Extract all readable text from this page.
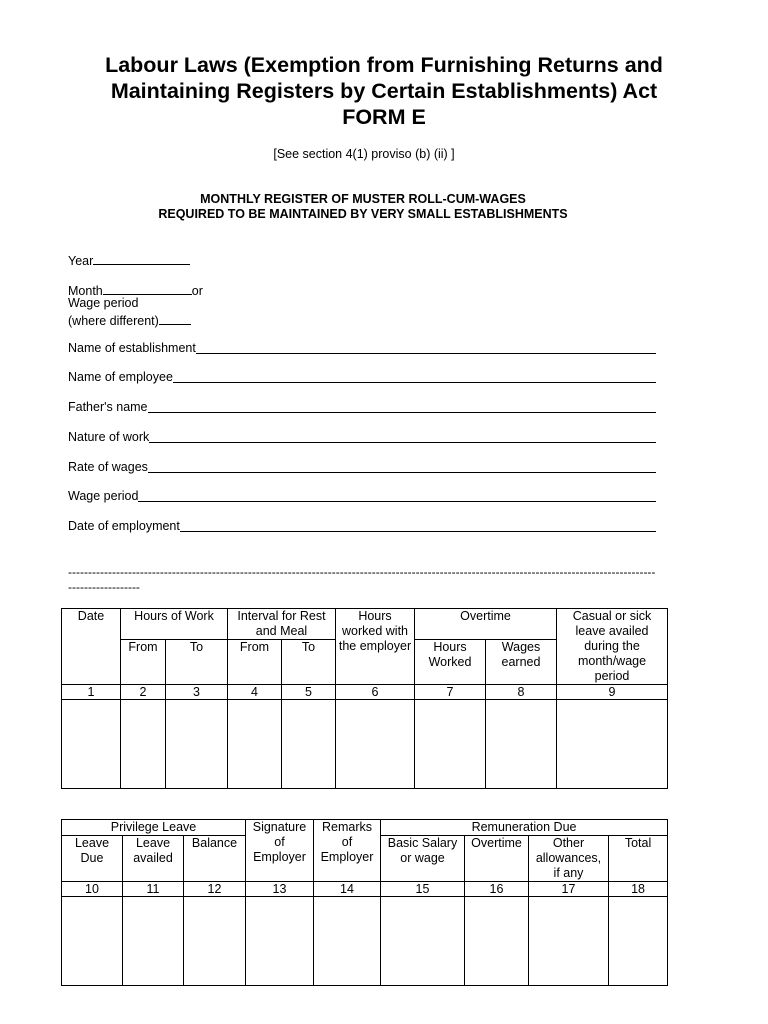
Labour Laws (Exemption from Furnishing Returns and
Maintaining Registers by Certain Establishments) Act
FORM E
[See section 4(1) proviso (b) (ii) ]
MONTHLY REGISTER OF MUSTER ROLL-CUM-WAGES
REQUIRED TO BE MAINTAINED BY VERY SMALL ESTABLISHMENTS
Year
Month	or
Wage period
(where different)
Name of establishment
Name of employee
Father's name
Nature of work
Rate of wages
Wage period
Date of employment
---------------------------------------------------------------------------------------------------------------------------------------------------------------------
Date	Hours of Work		Interval for Rest and Meal		Hours worked with the employer	Overtime		Casual or sick leave availed during the month/wage period
	From	To	From	To		Hours Worked	Wages earned	
1	2	3	4	5	6	7	8	9

Privilege Leave			Signature of Employer	Remarks of Employer	Remuneration Due			
Leave Due	Leave availed	Balance			Basic Salary or wage	Overtime	Other allowances, if any	Total
10	11	12	13	14	15	16	17	18
